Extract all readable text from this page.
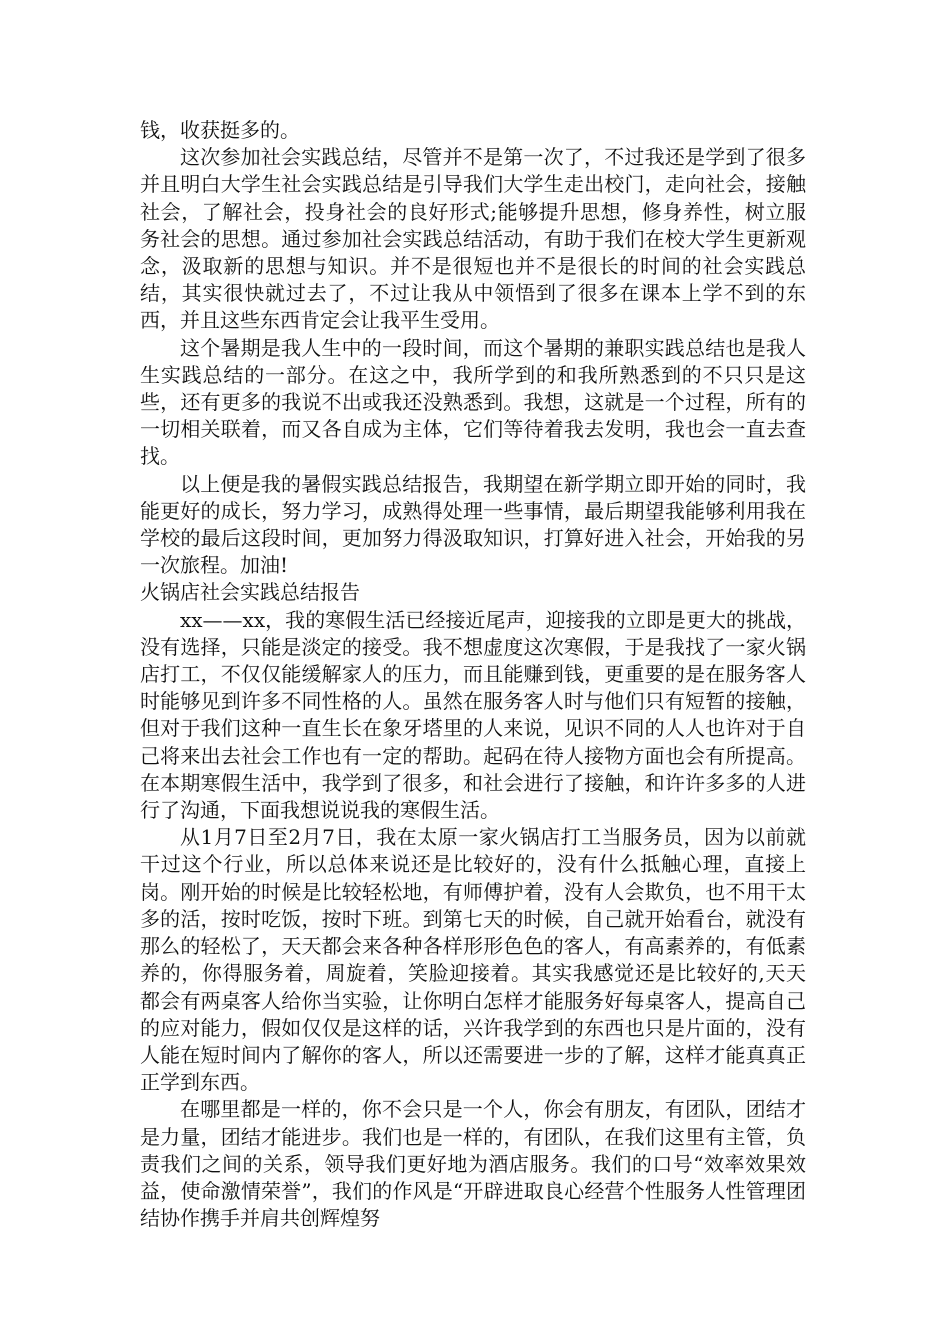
钱，收获挺多的。

这次参加社会实践总结，尽管并不是第一次了，不过我还是学到了很多并且明白大学生社会实践总结是引导我们大学生走出校门，走向社会，接触社会，了解社会，投身社会的良好形式;能够提升思想，修身养性，树立服务社会的思想。通过参加社会实践总结活动，有助于我们在校大学生更新观念，汲取新的思想与知识。并不是很短也并不是很长的时间的社会实践总结，其实很快就过去了，不过让我从中领悟到了很多在课本上学不到的东西，并且这些东西肯定会让我平生受用。

这个暑期是我人生中的一段时间，而这个暑期的兼职实践总结也是我人生实践总结的一部分。在这之中，我所学到的和我所熟悉到的不只只是这些，还有更多的我说不出或我还没熟悉到。我想，这就是一个过程，所有的一切相关联着，而又各自成为主体，它们等待着我去发明，我也会一直去查找。

以上便是我的暑假实践总结报告，我期望在新学期立即开始的同时，我能更好的成长，努力学习，成熟得处理一些事情，最后期望我能够利用我在学校的最后这段时间，更加努力得汲取知识，打算好进入社会，开始我的另一次旅程。加油!

火锅店社会实践总结报告

xx——xx，我的寒假生活已经接近尾声，迎接我的立即是更大的挑战，没有选择，只能是淡定的接受。我不想虚度这次寒假，于是我找了一家火锅店打工，不仅仅能缓解家人的压力，而且能赚到钱，更重要的是在服务客人时能够见到许多不同性格的人。虽然在服务客人时与他们只有短暂的接触，但对于我们这种一直生长在象牙塔里的人来说，见识不同的人人也许对于自己将来出去社会工作也有一定的帮助。起码在待人接物方面也会有所提高。在本期寒假生活中，我学到了很多，和社会进行了接触，和许许多多的人进行了沟通，下面我想说说我的寒假生活。

从1月7日至2月7日，我在太原一家火锅店打工当服务员，因为以前就干过这个行业，所以总体来说还是比较好的，没有什么抵触心理，直接上岗。刚开始的时候是比较轻松地，有师傅护着，没有人会欺负，也不用干太多的活，按时吃饭，按时下班。到第七天的时候，自己就开始看台，就没有那么的轻松了，天天都会来各种各样形形色色的客人，有高素养的，有低素养的，你得服务着，周旋着，笑脸迎接着。其实我感觉还是比较好的,天天都会有两桌客人给你当实验，让你明白怎样才能服务好每桌客人，提高自己的应对能力，假如仅仅是这样的话，兴许我学到的东西也只是片面的，没有人能在短时间内了解你的客人，所以还需要进一步的了解，这样才能真真正正学到东西。

在哪里都是一样的，你不会只是一个人，你会有朋友，有团队，团结才是力量，团结才能进步。我们也是一样的，有团队，在我们这里有主管，负责我们之间的关系，领导我们更好地为酒店服务。我们的口号“效率效果效益，使命激情荣誉”，我们的作风是“开辟进取良心经营个性服务人性管理团结协作携手并肩共创辉煌努
